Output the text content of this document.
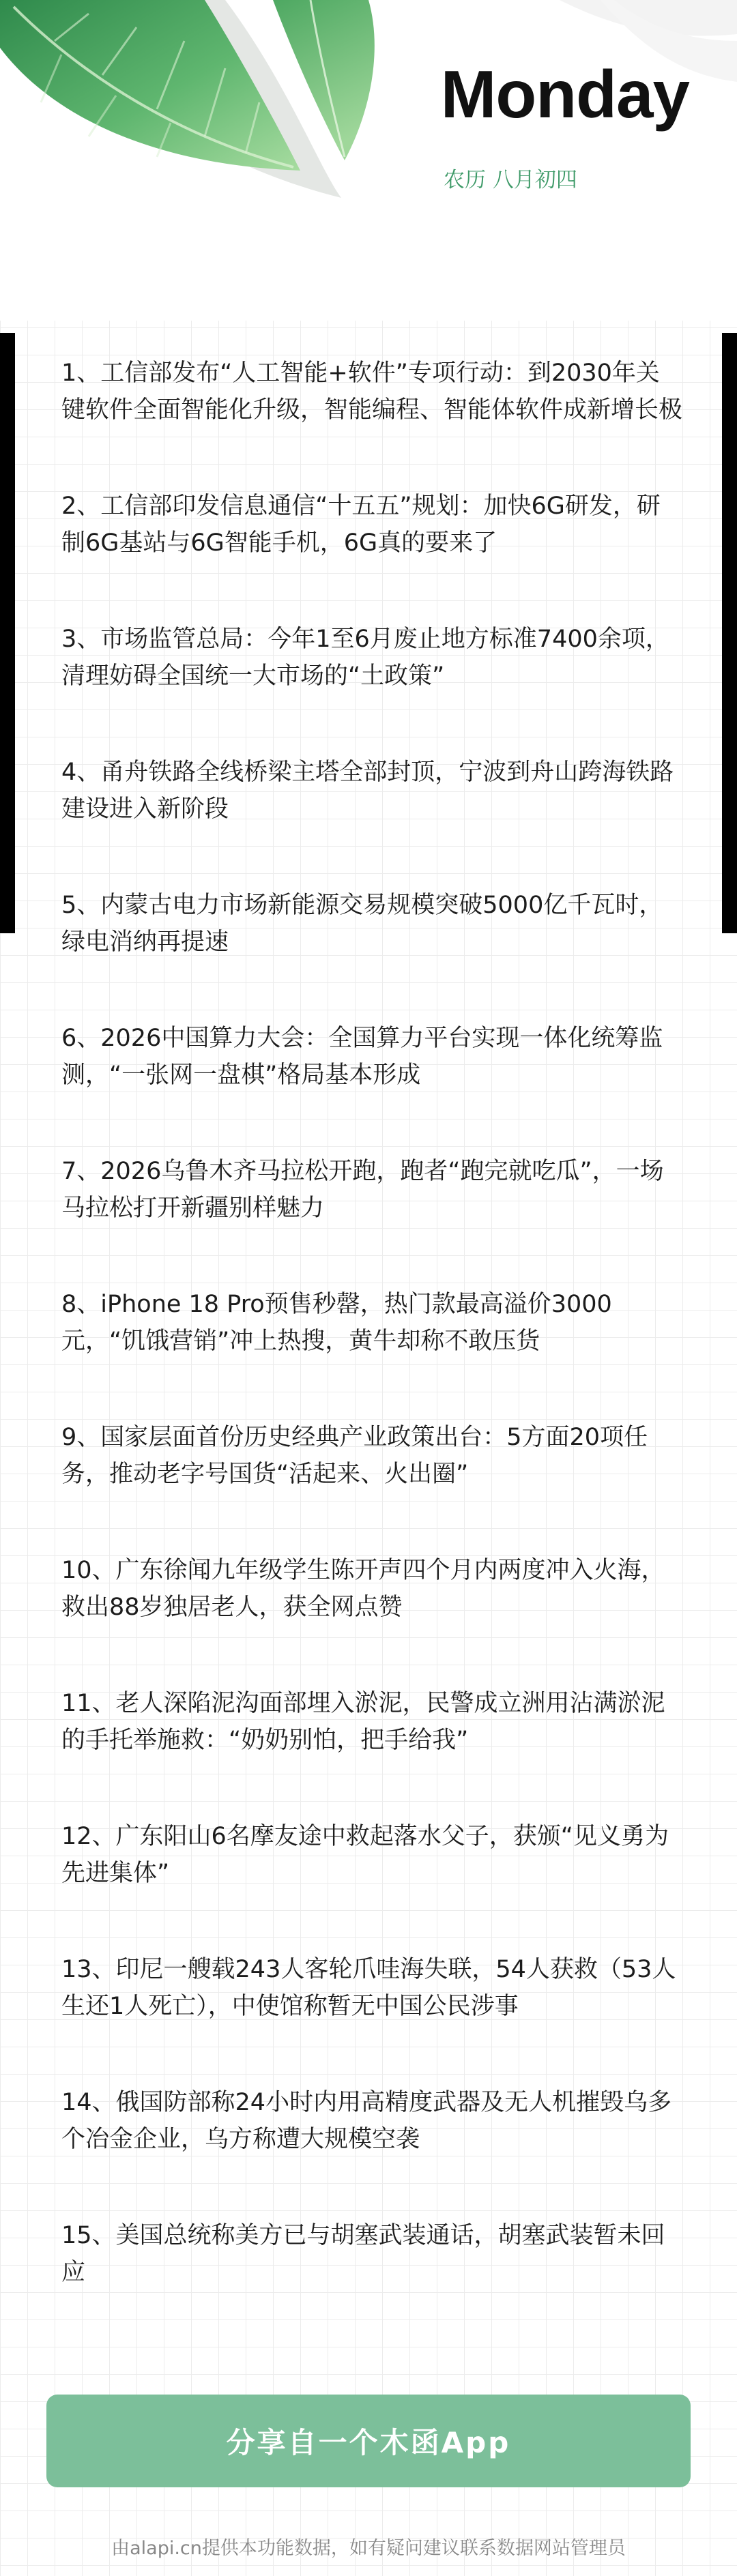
Monday
农历 八月初四
1、工信部发布“人工智能+软件”专项行动：到2030年关键软件全面智能化升级，智能编程、智能体软件成新增长极
2、工信部印发信息通信“十五五”规划：加快6G研发，研制6G基站与6G智能手机，6G真的要来了
3、市场监管总局：今年1至6月废止地方标准7400余项，清理妨碍全国统一大市场的“土政策”
4、甬舟铁路全线桥梁主塔全部封顶，宁波到舟山跨海铁路建设进入新阶段
5、内蒙古电力市场新能源交易规模突破5000亿千瓦时，绿电消纳再提速
6、2026中国算力大会：全国算力平台实现一体化统筹监测，“一张网一盘棋”格局基本形成
7、2026乌鲁木齐马拉松开跑，跑者“跑完就吃瓜”，一场马拉松打开新疆别样魅力
8、iPhone 18 Pro预售秒罄，热门款最高溢价3000元，“饥饿营销”冲上热搜，黄牛却称不敢压货
9、国家层面首份历史经典产业政策出台：5方面20项任务，推动老字号国货“活起来、火出圈”
10、广东徐闻九年级学生陈开声四个月内两度冲入火海，救出88岁独居老人，获全网点赞
11、老人深陷泥沟面部埋入淤泥，民警成立洲用沾满淤泥的手托举施救：“奶奶别怕，把手给我”
12、广东阳山6名摩友途中救起落水父子，获颁“见义勇为先进集体”
13、印尼一艘载243人客轮爪哇海失联，54人获救（53人生还1人死亡），中使馆称暂无中国公民涉事
14、俄国防部称24小时内用高精度武器及无人机摧毁乌多个冶金企业，乌方称遭大规模空袭
15、美国总统称美方已与胡塞武装通话，胡塞武装暂未回应
分享自一个木函App
由alapi.cn提供本功能数据，如有疑问建议联系数据网站管理员
